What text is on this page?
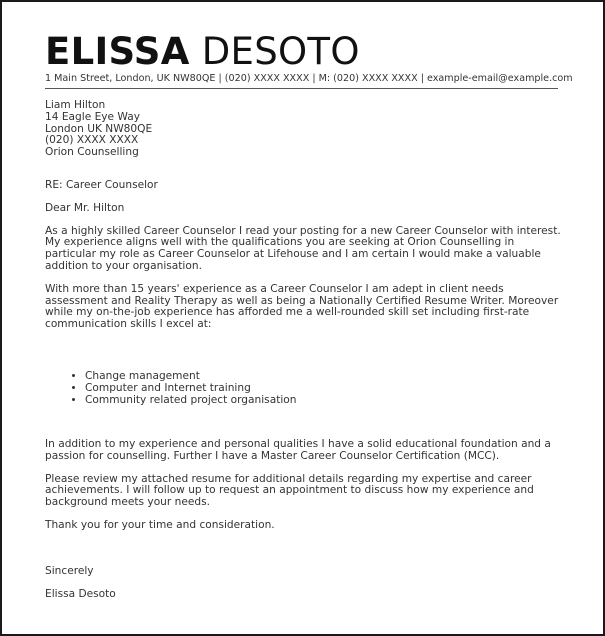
ELISSA DESOTO
1 Main Street, London, UK NW80QE | (020) XXXX XXXX | M: (020) XXXX XXXX | example-email@example.com
Liam Hilton
14 Eagle Eye Way
London UK NW80QE
(020) XXXX XXXX
Orion Counselling

RE: Career Counselor

Dear Mr. Hilton

As a highly skilled Career Counselor I read your posting for a new Career Counselor with interest. My experience aligns well with the qualifications you are seeking at Orion Counselling in particular my role as Career Counselor at Lifehouse and I am certain I would make a valuable addition to your organisation.

With more than 15 years' experience as a Career Counselor I am adept in client needs assessment and Reality Therapy as well as being a Nationally Certified Resume Writer. Moreover while my on-the-job experience has afforded me a well-rounded skill set including first-rate communication skills I excel at:

• Change management
• Computer and Internet training
• Community related project organisation

In addition to my experience and personal qualities I have a solid educational foundation and a passion for counselling. Further I have a Master Career Counselor Certification (MCC).

Please review my attached resume for additional details regarding my expertise and career achievements. I will follow up to request an appointment to discuss how my experience and background meets your needs.

Thank you for your time and consideration.

Sincerely

Elissa Desoto
